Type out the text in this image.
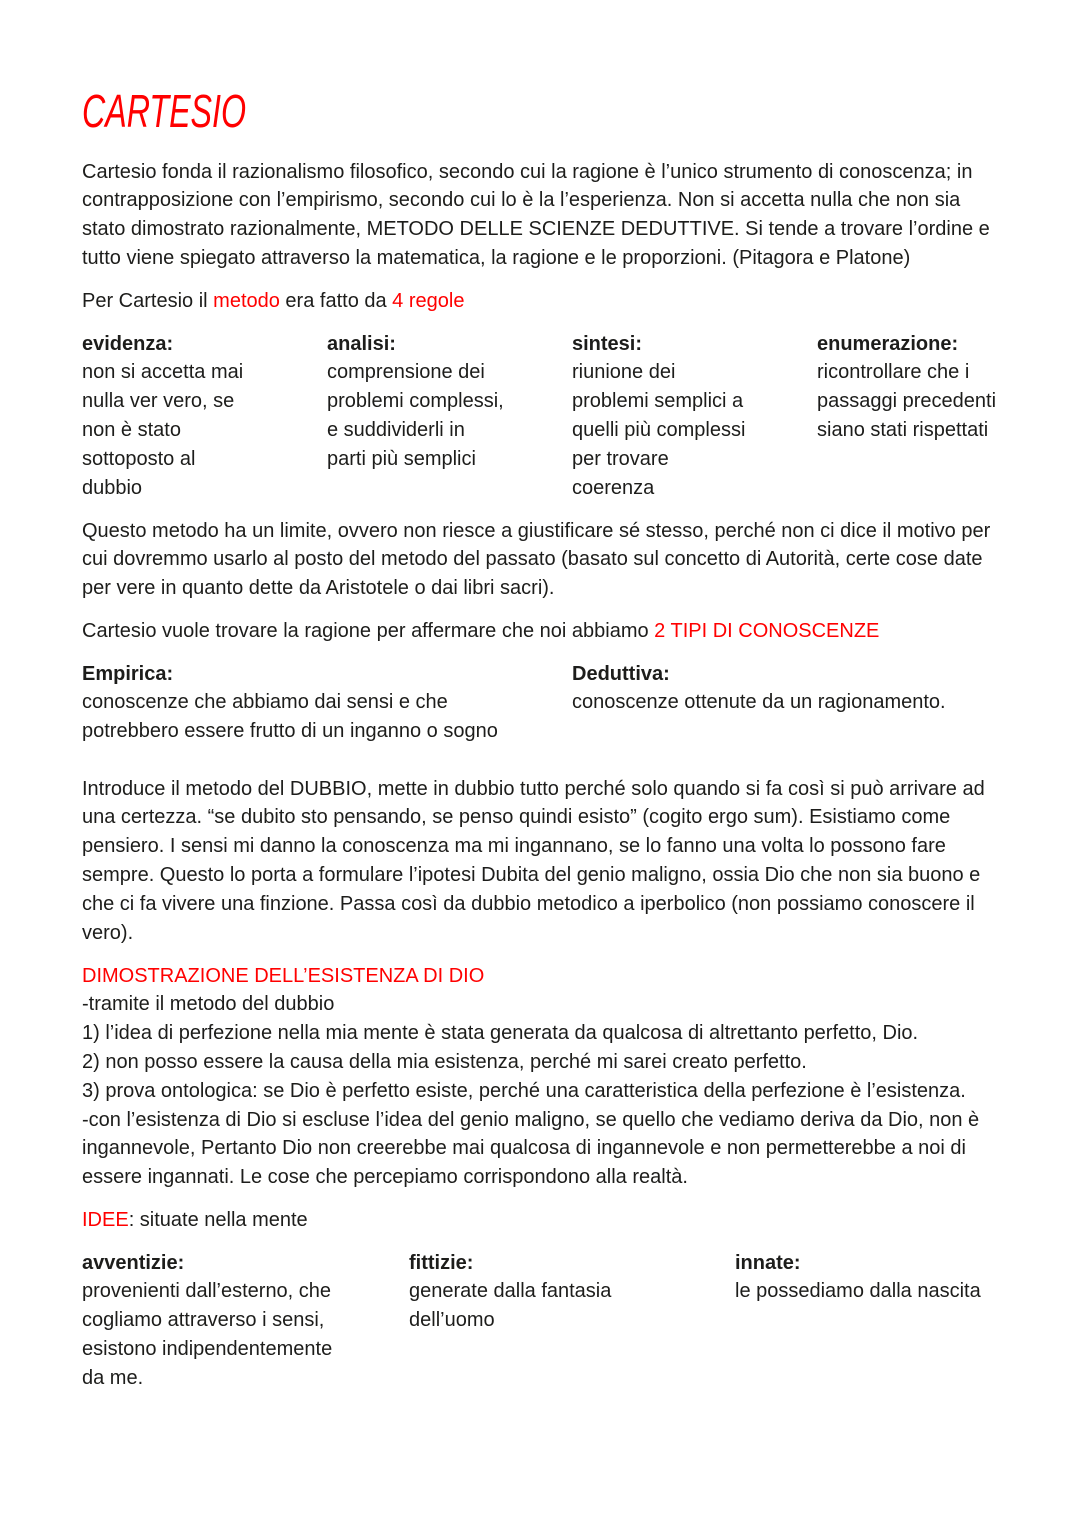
CARTESIO
Cartesio fonda il razionalismo filosofico, secondo cui la ragione è l’unico strumento di conoscenza; in
contrapposizione con l’empirismo, secondo cui lo è la l’esperienza. Non si accetta nulla che non sia
stato dimostrato razionalmente, METODO DELLE SCIENZE DEDUTTIVE. Si tende a trovare l’ordine e
tutto viene spiegato attraverso la matematica, la ragione e le proporzioni. (Pitagora e Platone)
Per Cartesio il metodo era fatto da 4 regole
evidenza:
non si accetta mai
nulla ver vero, se
non è stato
sottoposto al
dubbio
analisi:
comprensione dei
problemi complessi,
e suddividerli in
parti più semplici
sintesi:
riunione dei
problemi semplici a
quelli più complessi
per trovare
coerenza
enumerazione:
ricontrollare che i
passaggi precedenti
siano stati rispettati
Questo metodo ha un limite, ovvero non riesce a giustificare sé stesso, perché non ci dice il motivo per
cui dovremmo usarlo al posto del metodo del passato (basato sul concetto di Autorità, certe cose date
per vere in quanto dette da Aristotele o dai libri sacri).
Cartesio vuole trovare la ragione per affermare che noi abbiamo 2 TIPI DI CONOSCENZE
Empirica:
conoscenze che abbiamo dai sensi e che
potrebbero essere frutto di un inganno o sogno
Deduttiva:
conoscenze ottenute da un ragionamento.
Introduce il metodo del DUBBIO, mette in dubbio tutto perché solo quando si fa così si può arrivare ad
una certezza. “se dubito sto pensando, se penso quindi esisto” (cogito ergo sum). Esistiamo come
pensiero. I sensi mi danno la conoscenza ma mi ingannano, se lo fanno una volta lo possono fare
sempre. Questo lo porta a formulare l’ipotesi Dubita del genio maligno, ossia Dio che non sia buono e
che ci fa vivere una finzione. Passa così da dubbio metodico a iperbolico (non possiamo conoscere il
vero).
DIMOSTRAZIONE DELL’ESISTENZA DI DIO
-tramite il metodo del dubbio
1) l’idea di perfezione nella mia mente è stata generata da qualcosa di altrettanto perfetto, Dio.
2) non posso essere la causa della mia esistenza, perché mi sarei creato perfetto.
3) prova ontologica: se Dio è perfetto esiste, perché una caratteristica della perfezione è l’esistenza.
-con l’esistenza di Dio si escluse l’idea del genio maligno, se quello che vediamo deriva da Dio, non è
ingannevole, Pertanto Dio non creerebbe mai qualcosa di ingannevole e non permetterebbe a noi di
essere ingannati. Le cose che percepiamo corrispondono alla realtà.
IDEE: situate nella mente
avventizie:
provenienti dall’esterno, che
cogliamo attraverso i sensi,
esistono indipendentemente
da me.
fittizie:
generate dalla fantasia
dell’uomo
innate:
le possediamo dalla nascita
